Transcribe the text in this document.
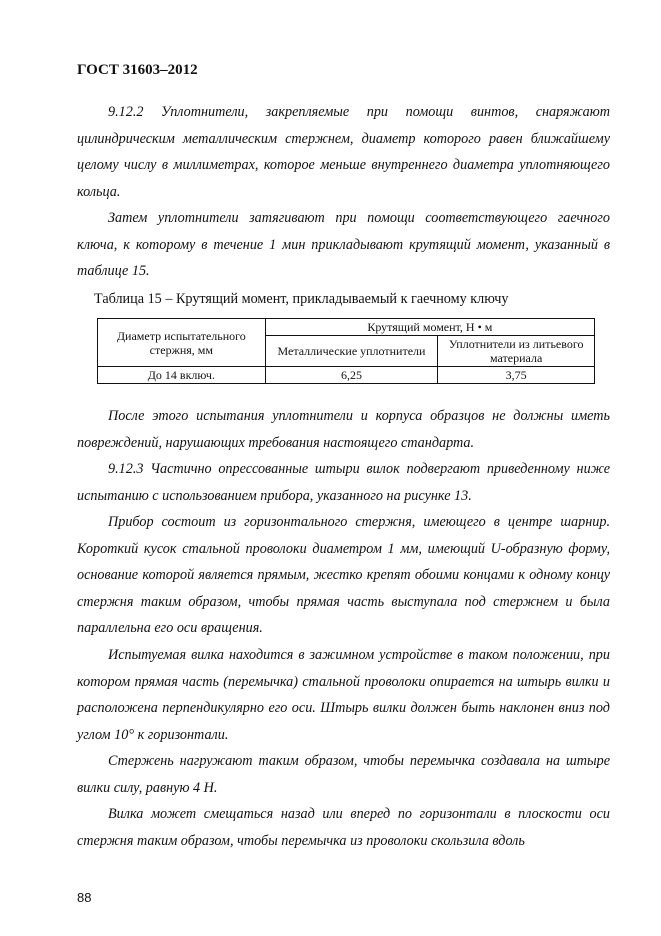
ГОСТ 31603–2012

9.12.2 Уплотнители, закрепляемые при помощи винтов, снаряжают цилиндрическим металлическим стержнем, диаметр которого равен ближайшему целому числу в миллиметрах, которое меньше внутреннего диаметра уплотняющего кольца.

Затем уплотнители затягивают при помощи соответствующего гаечного ключа, к которому в течение 1 мин прикладывают крутящий момент, указанный в таблице 15.

Таблица 15 – Крутящий момент, прикладываемый к гаечному ключу
Диаметр испытательного стержня, мм	Крутящий момент, Н • м	
	Металлические уплотнители	Уплотнители из литьевого материала
До 14 включ.	6,25	3,75

После этого испытания уплотнители и корпуса образцов не должны иметь повреждений, нарушающих требования настоящего стандарта.

9.12.3 Частично опрессованные штыри вилок подвергают приведенному ниже испытанию с использованием прибора, указанного на рисунке 13.

Прибор состоит из горизонтального стержня, имеющего в центре шарнир. Короткий кусок стальной проволоки диаметром 1 мм, имеющий U-образную форму, основание которой является прямым, жестко крепят обоими концами к одному концу стержня таким образом, чтобы прямая часть выступала под стержнем и была параллельна его оси вращения.

Испытуемая вилка находится в зажимном устройстве в таком положении, при котором прямая часть (перемычка) стальной проволоки опирается на штырь вилки и расположена перпендикулярно его оси. Штырь вилки должен быть наклонен вниз под углом 10° к горизонтали.

Стержень нагружают таким образом, чтобы перемычка создавала на штыре вилки силу, равную 4 Н.

Вилка может смещаться назад или вперед по горизонтали в плоскости оси стержня таким образом, чтобы перемычка из проволоки скользила вдоль

88
